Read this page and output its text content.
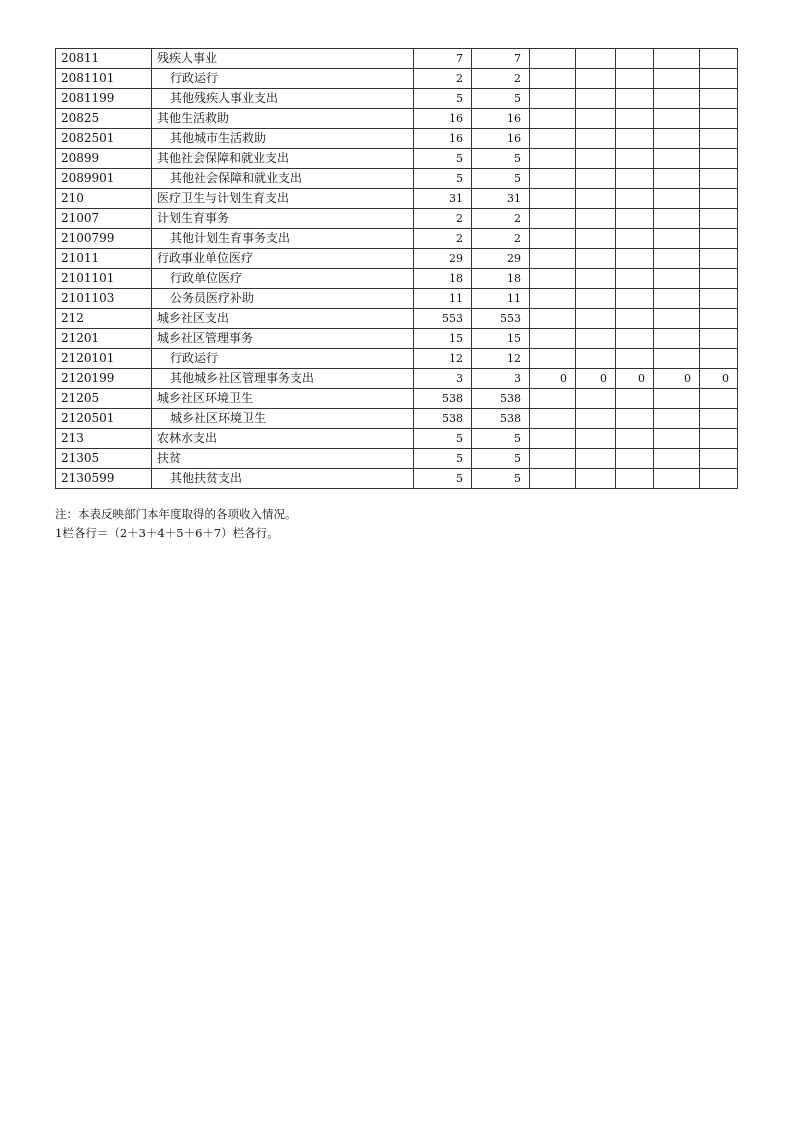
20811	残疾人事业	7	7					
2081101	行政运行	2	2					
2081199	其他残疾人事业支出	5	5					
20825	其他生活救助	16	16					
2082501	其他城市生活救助	16	16					
20899	其他社会保障和就业支出	5	5					
2089901	其他社会保障和就业支出	5	5					
210	医疗卫生与计划生育支出	31	31					
21007	计划生育事务	2	2					
2100799	其他计划生育事务支出	2	2					
21011	行政事业单位医疗	29	29					
2101101	行政单位医疗	18	18					
2101103	公务员医疗补助	11	11					
212	城乡社区支出	553	553					
21201	城乡社区管理事务	15	15					
2120101	行政运行	12	12					
2120199	其他城乡社区管理事务支出	3	3	0	0	0	0	0
21205	城乡社区环境卫生	538	538					
2120501	城乡社区环境卫生	538	538					
213	农林水支出	5	5					
21305	扶贫	5	5					
2130599	其他扶贫支出	5	5					
注：本表反映部门本年度取得的各项收入情况。
1栏各行＝（2＋3＋4＋5＋6＋7）栏各行。
